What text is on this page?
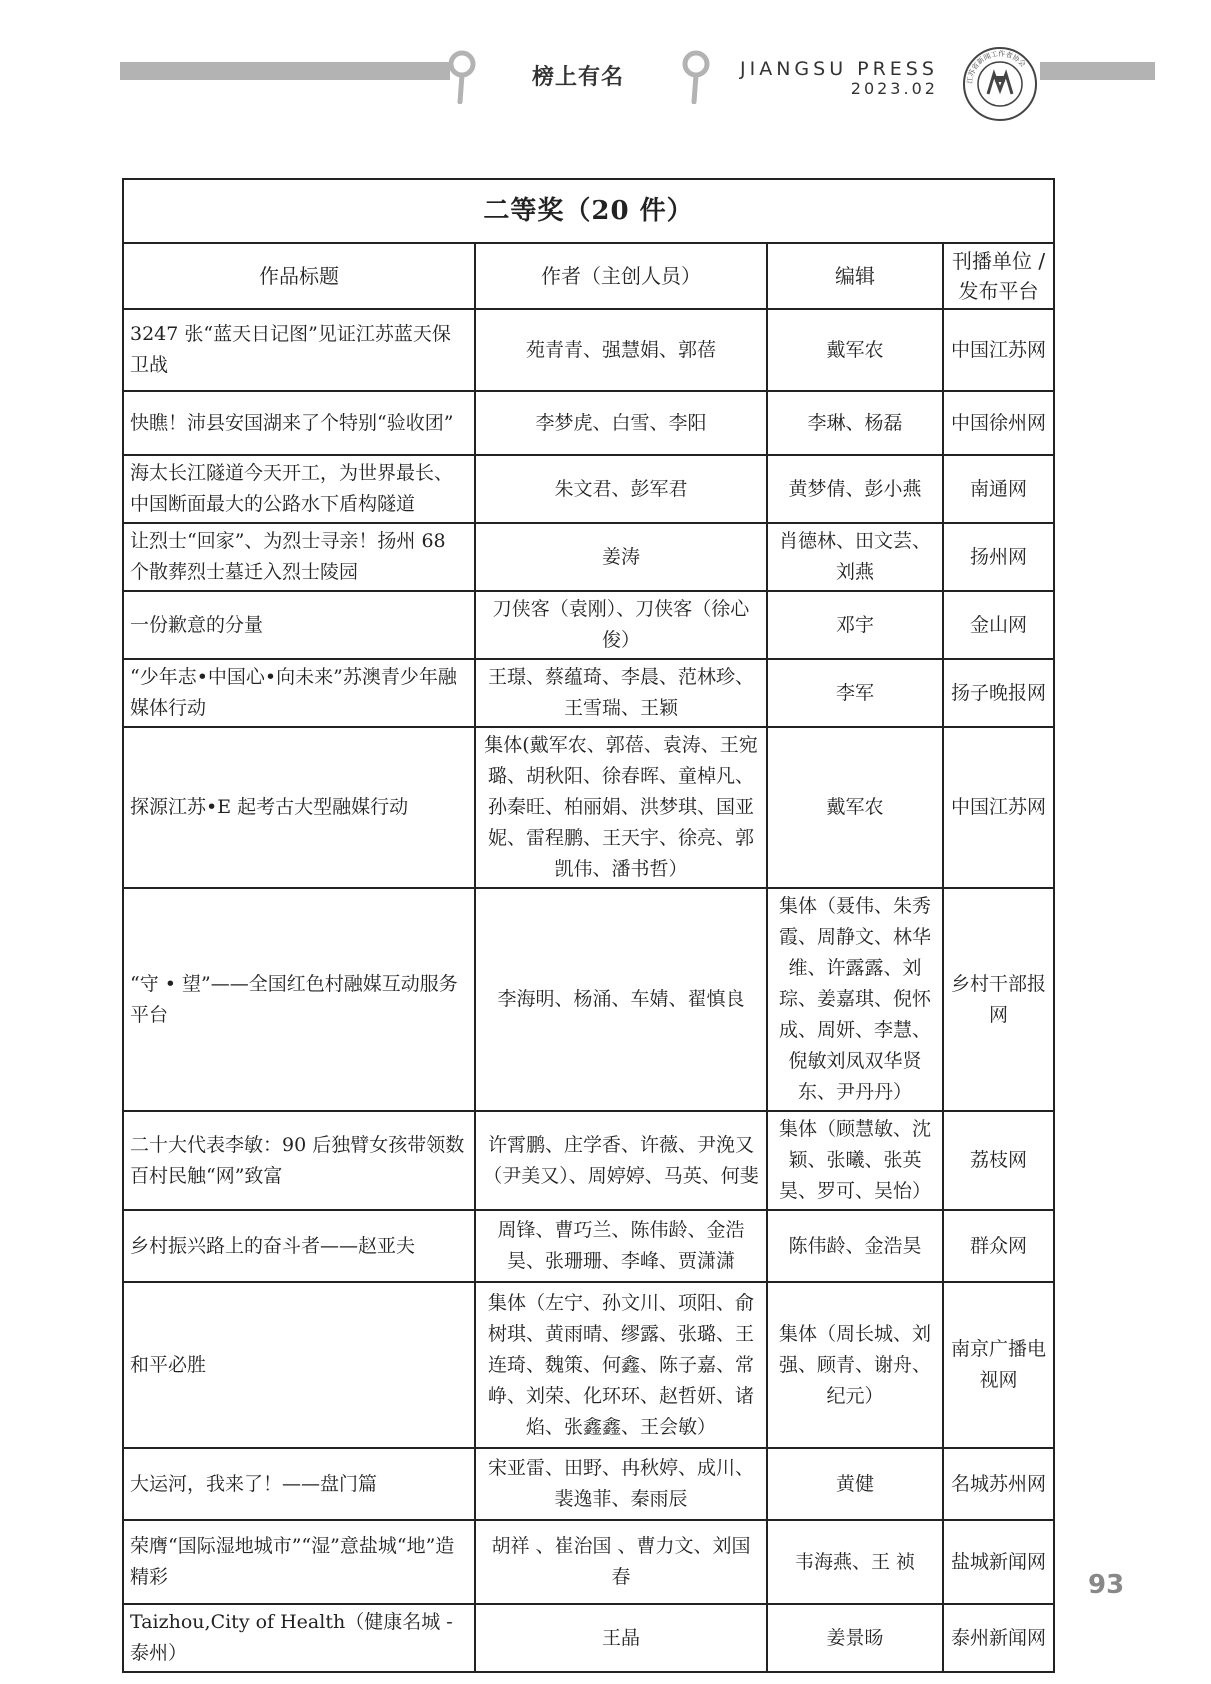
榜上有名	JIANGSU PRESS
2023.02	江苏省新闻工作者协会
二等奖（20 件）			
作品标题	作者（主创人员）	编辑	刊播单位 / 发布平台
3247 张“蓝天日记图”见证江苏蓝天保卫战	苑青青、强慧娟、郭蓓	戴军农	中国江苏网
快瞧！沛县安国湖来了个特别“验收团”	李梦虎、白雪、李阳	李琳、杨磊	中国徐州网
海太长江隧道今天开工，为世界最长、中国断面最大的公路水下盾构隧道	朱文君、彭军君	黄梦倩、彭小燕	南通网
让烈士“回家”、为烈士寻亲！扬州 68 个散葬烈士墓迁入烈士陵园	姜涛	肖德林、田文芸、刘燕	扬州网
一份歉意的分量	刀侠客（袁刚）、刀侠客（徐心俊）	邓宇	金山网
“少年志•中国心•向未来”苏澳青少年融媒体行动	王璟、蔡蕴琦、李晨、范林珍、王雪瑞、王颖	李军	扬子晚报网
探源江苏•E 起考古大型融媒行动	集体(戴军农、郭蓓、袁涛、王宛璐、胡秋阳、徐春晖、童棹凡、孙秦旺、柏丽娟、洪梦琪、国亚妮、雷程鹏、王天宇、徐亮、郭凯伟、潘书哲）	戴军农	中国江苏网
“守 • 望”——全国红色村融媒互动服务平台	李海明、杨涌、车婧、翟慎良	集体（聂伟、朱秀霞、周静文、林华维、许露露、刘琮、姜嘉琪、倪怀成、周妍、李慧、倪敏刘凤双华贤东、尹丹丹）	乡村干部报网
二十大代表李敏：90 后独臂女孩带领数百村民触“网”致富	许霄鹏、庄学香、许薇、尹浼又（尹美又）、周婷婷、马英、何斐	集体（顾慧敏、沈颖、张曦、张英昊、罗可、吴怡）	荔枝网
乡村振兴路上的奋斗者——赵亚夫	周锋、曹巧兰、陈伟龄、金浩昊、张珊珊、李峰、贾潇潇	陈伟龄、金浩昊	群众网
和平必胜	集体（左宁、孙文川、项阳、俞树琪、黄雨晴、缪露、张璐、王连琦、魏策、何鑫、陈子嘉、常峥、刘荣、化环环、赵哲妍、诸焰、张鑫鑫、王会敏）	集体（周长城、刘强、顾青、谢舟、纪元）	南京广播电视网
大运河，我来了！——盘门篇	宋亚雷、田野、冉秋婷、成川、裴逸菲、秦雨辰	黄健	名城苏州网
荣膺“国际湿地城市”“湿”意盐城“地”造精彩	胡祥 、崔治国 、曹力文、刘国春	韦海燕、王 祯	盐城新闻网
Taizhou,City of Health（健康名城 - 泰州）	王晶	姜景旸	泰州新闻网
93
